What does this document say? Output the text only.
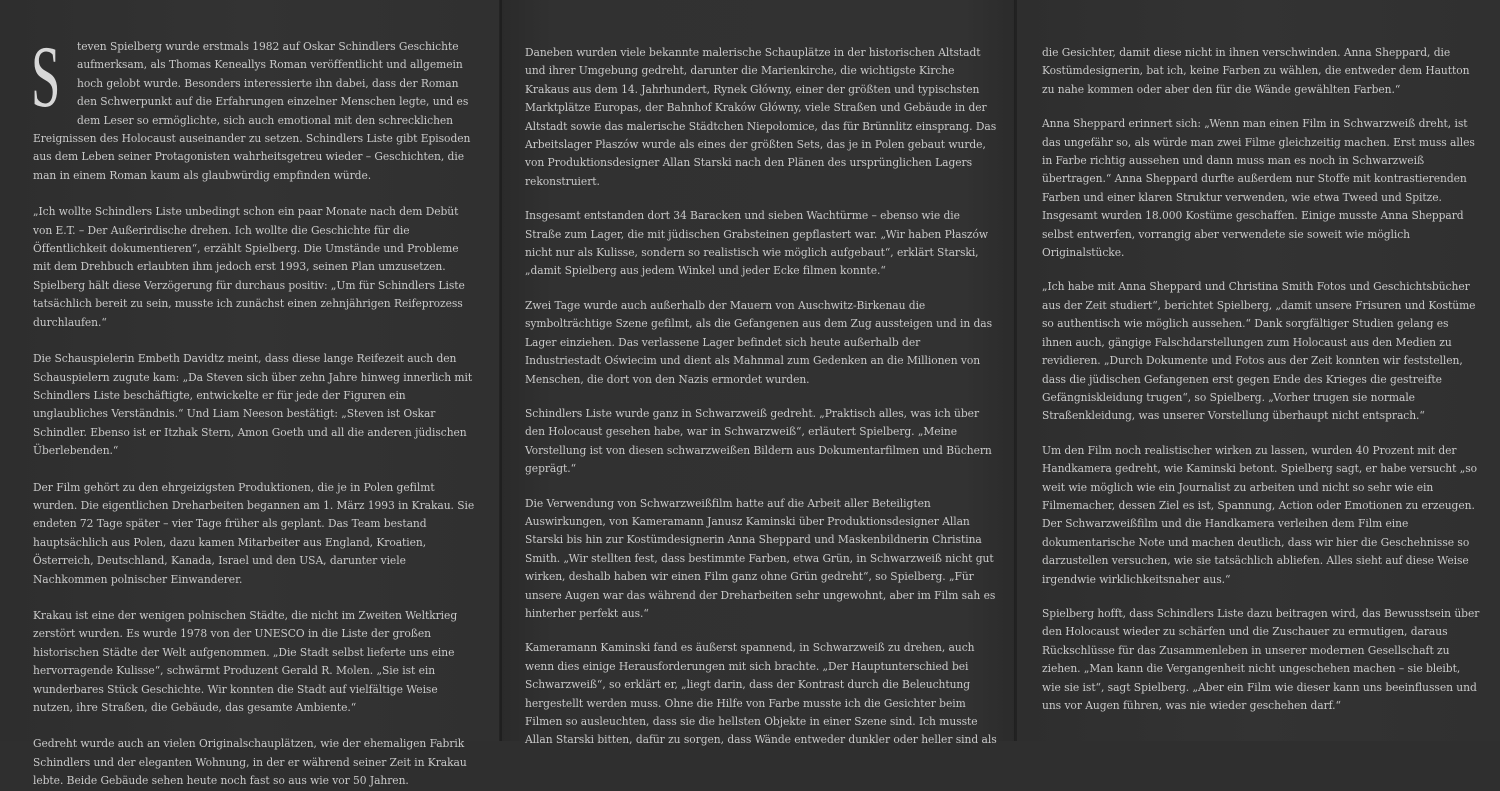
S teven Spielberg wurde erstmals 1982 auf Oskar Schindlers Geschichte aufmerksam, als Thomas Keneallys Roman veröffentlicht und allgemein hoch gelobt wurde. Besonders interessierte ihn dabei, dass der Roman den Schwerpunkt auf die Erfahrungen einzelner Menschen legte, und es dem Leser so ermöglichte, sich auch emotional mit den schrecklichen Ereignissen des Holocaust auseinander zu setzen. Schindlers Liste gibt Episoden aus dem Leben seiner Protagonisten wahrheitsgetreu wieder – Geschichten, die man in einem Roman kaum als glaubwürdig empfinden würde.

„Ich wollte Schindlers Liste unbedingt schon ein paar Monate nach dem Debüt von E.T. – Der Außerirdische drehen. Ich wollte die Geschichte für die Öffentlichkeit dokumentieren“, erzählt Spielberg. Die Umstände und Probleme mit dem Drehbuch erlaubten ihm jedoch erst 1993, seinen Plan umzusetzen. Spielberg hält diese Verzögerung für durchaus positiv: „Um für Schindlers Liste tatsächlich bereit zu sein, musste ich zunächst einen zehnjährigen Reifeprozess durchlaufen.“

Die Schauspielerin Embeth Davidtz meint, dass diese lange Reifezeit auch den Schauspielern zugute kam: „Da Steven sich über zehn Jahre hinweg innerlich mit Schindlers Liste beschäftigte, entwickelte er für jede der Figuren ein unglaubliches Verständnis.“ Und Liam Neeson bestätigt: „Steven ist Oskar Schindler. Ebenso ist er Itzhak Stern, Amon Goeth und all die anderen jüdischen Überlebenden.“

Der Film gehört zu den ehrgeizigsten Produktionen, die je in Polen gefilmt wurden. Die eigentlichen Dreharbeiten begannen am 1. März 1993 in Krakau. Sie endeten 72 Tage später – vier Tage früher als geplant. Das Team bestand hauptsächlich aus Polen, dazu kamen Mitarbeiter aus England, Kroatien, Österreich, Deutschland, Kanada, Israel und den USA, darunter viele Nachkommen polnischer Einwanderer.

Krakau ist eine der wenigen polnischen Städte, die nicht im Zweiten Weltkrieg zerstört wurden. Es wurde 1978 von der UNESCO in die Liste der großen historischen Städte der Welt aufgenommen. „Die Stadt selbst lieferte uns eine hervorragende Kulisse“, schwärmt Produzent Gerald R. Molen. „Sie ist ein wunderbares Stück Geschichte. Wir konnten die Stadt auf vielfältige Weise nutzen, ihre Straßen, die Gebäude, das gesamte Ambiente.“

Gedreht wurde auch an vielen Originalschauplätzen, wie der ehemaligen Fabrik Schindlers und der eleganten Wohnung, in der er während seiner Zeit in Krakau lebte. Beide Gebäude sehen heute noch fast so aus wie vor 50 Jahren.

Daneben wurden viele bekannte malerische Schauplätze in der historischen Altstadt und ihrer Umgebung gedreht, darunter die Marienkirche, die wichtigste Kirche Krakaus aus dem 14. Jahrhundert, Rynek Główny, einer der größten und typischsten Marktplätze Europas, der Bahnhof Kraków Główny, viele Straßen und Gebäude in der Altstadt sowie das malerische Städtchen Niepołomice, das für Brünnlitz einsprang. Das Arbeitslager Płaszów wurde als eines der größten Sets, das je in Polen gebaut wurde, von Produktionsdesigner Allan Starski nach den Plänen des ursprünglichen Lagers rekonstruiert.

Insgesamt entstanden dort 34 Baracken und sieben Wachtürme – ebenso wie die Straße zum Lager, die mit jüdischen Grabsteinen gepflastert war. „Wir haben Płaszów nicht nur als Kulisse, sondern so realistisch wie möglich aufgebaut“, erklärt Starski, „damit Spielberg aus jedem Winkel und jeder Ecke filmen konnte.“

Zwei Tage wurde auch außerhalb der Mauern von Auschwitz-Birkenau die symbolträchtige Szene gefilmt, als die Gefangenen aus dem Zug aussteigen und in das Lager einziehen. Das verlassene Lager befindet sich heute außerhalb der Industriestadt Oświecim und dient als Mahnmal zum Gedenken an die Millionen von Menschen, die dort von den Nazis ermordet wurden.

Schindlers Liste wurde ganz in Schwarzweiß gedreht. „Praktisch alles, was ich über den Holocaust gesehen habe, war in Schwarzweiß“, erläutert Spielberg. „Meine Vorstellung ist von diesen schwarzweißen Bildern aus Dokumentarfilmen und Büchern geprägt.“

Die Verwendung von Schwarzweißfilm hatte auf die Arbeit aller Beteiligten Auswirkungen, von Kameramann Janusz Kaminski über Produktionsdesigner Allan Starski bis hin zur Kostümdesignerin Anna Sheppard und Maskenbildnerin Christina Smith. „Wir stellten fest, dass bestimmte Farben, etwa Grün, in Schwarzweiß nicht gut wirken, deshalb haben wir einen Film ganz ohne Grün gedreht“, so Spielberg. „Für unsere Augen war das während der Dreharbeiten sehr ungewohnt, aber im Film sah es hinterher perfekt aus.“

Kameramann Kaminski fand es äußerst spannend, in Schwarzweiß zu drehen, auch wenn dies einige Herausforderungen mit sich brachte. „Der Hauptunterschied bei Schwarzweiß“, so erklärt er, „liegt darin, dass der Kontrast durch die Beleuchtung hergestellt werden muss. Ohne die Hilfe von Farbe musste ich die Gesichter beim Filmen so ausleuchten, dass sie die hellsten Objekte in einer Szene sind. Ich musste Allan Starski bitten, dafür zu sorgen, dass Wände entweder dunkler oder heller sind als

die Gesichter, damit diese nicht in ihnen verschwinden. Anna Sheppard, die Kostümdesignerin, bat ich, keine Farben zu wählen, die entweder dem Hautton zu nahe kommen oder aber den für die Wände gewählten Farben.“

Anna Sheppard erinnert sich: „Wenn man einen Film in Schwarzweiß dreht, ist das ungefähr so, als würde man zwei Filme gleichzeitig machen. Erst muss alles in Farbe richtig aussehen und dann muss man es noch in Schwarzweiß übertragen.“ Anna Sheppard durfte außerdem nur Stoffe mit kontrastierenden Farben und einer klaren Struktur verwenden, wie etwa Tweed und Spitze. Insgesamt wurden 18.000 Kostüme geschaffen. Einige musste Anna Sheppard selbst entwerfen, vorrangig aber verwendete sie soweit wie möglich Originalstücke.

„Ich habe mit Anna Sheppard und Christina Smith Fotos und Geschichtsbücher aus der Zeit studiert“, berichtet Spielberg, „damit unsere Frisuren und Kostüme so authentisch wie möglich aussehen.“ Dank sorgfältiger Studien gelang es ihnen auch, gängige Falschdarstellungen zum Holocaust aus den Medien zu revidieren. „Durch Dokumente und Fotos aus der Zeit konnten wir feststellen, dass die jüdischen Gefangenen erst gegen Ende des Krieges die gestreifte Gefängniskleidung trugen“, so Spielberg. „Vorher trugen sie normale Straßenkleidung, was unserer Vorstellung überhaupt nicht entsprach.“

Um den Film noch realistischer wirken zu lassen, wurden 40 Prozent mit der Handkamera gedreht, wie Kaminski betont. Spielberg sagt, er habe versucht „so weit wie möglich wie ein Journalist zu arbeiten und nicht so sehr wie ein Filmemacher, dessen Ziel es ist, Spannung, Action oder Emotionen zu erzeugen. Der Schwarzweißfilm und die Handkamera verleihen dem Film eine dokumentarische Note und machen deutlich, dass wir hier die Geschehnisse so darzustellen versuchen, wie sie tatsächlich abliefen. Alles sieht auf diese Weise irgendwie wirklichkeitsnaher aus.“

Spielberg hofft, dass Schindlers Liste dazu beitragen wird, das Bewusstsein über den Holocaust wieder zu schärfen und die Zuschauer zu ermutigen, daraus Rückschlüsse für das Zusammenleben in unserer modernen Gesellschaft zu ziehen. „Man kann die Vergangenheit nicht ungeschehen machen – sie bleibt, wie sie ist“, sagt Spielberg. „Aber ein Film wie dieser kann uns beeinflussen und uns vor Augen führen, was nie wieder geschehen darf.“
